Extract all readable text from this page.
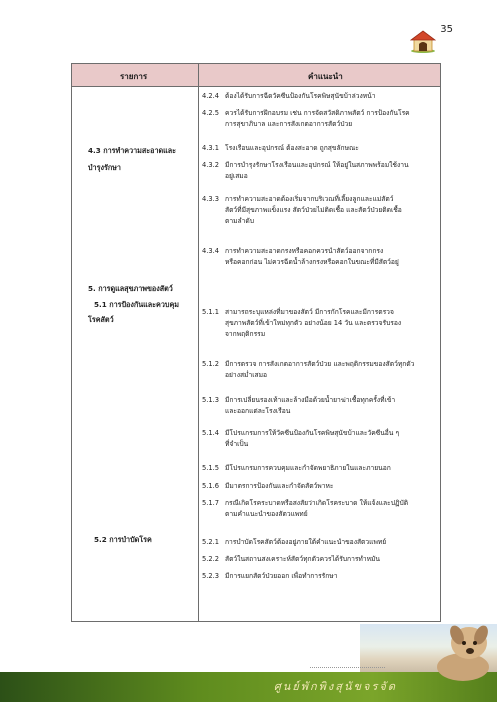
35
รายการ	คำแนะนำ
4.3 การทำความสะอาดและ
บำรุงรักษา
5. การดูแลสุขภาพของสัตว์
5.1 การป้องกันและควบคุม
โรคสัตว์
5.2 การบำบัดโรค
4.2.4 ต้องได้รับการฉีดวัคซีนป้องกันโรคพิษสุนัขบ้าล่วงหน้า
4.2.5 ควรได้รับการฝึกอบรม เช่น การจัดสวัสดิภาพสัตว์ การป้องกันโรค
การสุขาภิบาล และการสังเกตอาการสัตว์ป่วย
4.3.1 โรงเรือนและอุปกรณ์ ต้องสะอาด ถูกสุขลักษณะ
4.3.2 มีการบำรุงรักษาโรงเรือนและอุปกรณ์ ให้อยู่ในสภาพพร้อมใช้งาน
อยู่เสมอ
4.3.3 การทำความสะอาดต้องเริ่มจากบริเวณที่เลี้ยงลูกและแม่สัตว์
สัตว์ที่มีสุขภาพแข็งแรง สัตว์ป่วยไม่ติดเชื้อ และสัตว์ป่วยติดเชื้อ
ตามลำดับ
4.3.4 การทำความสะอาดกรงหรือคอกควรนำสัตว์ออกจากกรง
หรือคอกก่อน ไม่ควรฉีดน้ำล้างกรงหรือคอกในขณะที่มีสัตว์อยู่
5.1.1 สามารถระบุแหล่งที่มาของสัตว์ มีการกักโรคและมีการตรวจ
สุขภาพสัตว์ที่เข้าใหม่ทุกตัว อย่างน้อย 14 วัน และตรวจรับรอง
จากพฤติกรรม
5.1.2 มีการตรวจ การสังเกตอาการสัตว์ป่วย และพฤติกรรมของสัตว์ทุกตัว
อย่างสม่ำเสมอ
5.1.3 มีการเปลี่ยนรองเท้าและล้างมือด้วยน้ำยาฆ่าเชื้อทุกครั้งที่เข้า
และออกแต่ละโรงเรือน
5.1.4 มีโปรแกรมการให้วัคซีนป้องกันโรคพิษสุนัขบ้าและวัคซีนอื่น ๆ
ที่จำเป็น
5.1.5 มีโปรแกรมการควบคุมและกำจัดพยาธิภายในและภายนอก
5.1.6 มีมาตรการป้องกันและกำจัดสัตว์พาหะ
5.1.7 กรณีเกิดโรคระบาดหรือสงสัยว่าเกิดโรคระบาด ให้แจ้งและปฏิบัติ
ตามคำแนะนำของสัตวแพทย์
5.2.1 การบำบัดโรคสัตว์ต้องอยู่ภายใต้คำแนะนำของสัตวแพทย์
5.2.2 สัตว์ในสถานสงเคราะห์สัตว์ทุกตัวควรได้รับการทำหมัน
5.2.3 มีการแยกสัตว์ป่วยออก เพื่อทำการรักษา
ศูนย์พักพิงสุนัขจรจัด
